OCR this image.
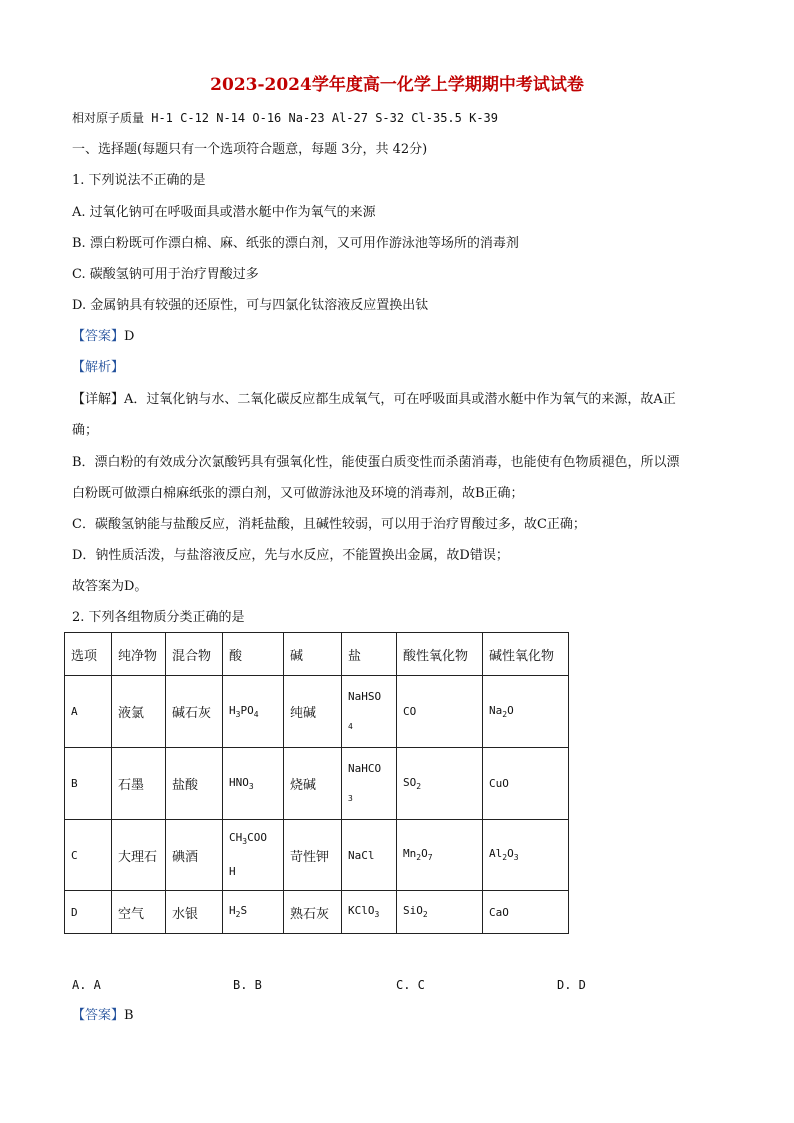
2023-2024学年度高一化学上学期期中考试试卷
相对原子质量 H-1 C-12 N-14 O-16 Na-23 Al-27 S-32 Cl-35.5 K-39
一、选择题(每题只有一个选项符合题意，每题 3分，共 42分)
1. 下列说法不正确的是
A. 过氧化钠可在呼吸面具或潜水艇中作为氧气的来源
B. 漂白粉既可作漂白棉、麻、纸张的漂白剂，又可用作游泳池等场所的消毒剂
C. 碳酸氢钠可用于治疗胃酸过多
D. 金属钠具有较强的还原性，可与四氯化钛溶液反应置换出钛
【答案】D
【解析】
【详解】A．过氧化钠与水、二氧化碳反应都生成氧气，可在呼吸面具或潜水艇中作为氧气的来源，故A正
确；
B．漂白粉的有效成分次氯酸钙具有强氧化性，能使蛋白质变性而杀菌消毒，也能使有色物质褪色，所以漂
白粉既可做漂白棉麻纸张的漂白剂，又可做游泳池及环境的消毒剂，故B正确；
C．碳酸氢钠能与盐酸反应，消耗盐酸，且碱性较弱，可以用于治疗胃酸过多，故C正确；
D．钠性质活泼，与盐溶液反应，先与水反应，不能置换出金属，故D错误；
故答案为D。
2. 下列各组物质分类正确的是
选项	纯净物	混合物	酸	碱	盐	酸性氧化物	碱性氧化物
A	液氯	碱石灰	$H_3PO_4$	纯碱	NaHSO
4	CO	$Na_2O$
B	石墨	盐酸	$HNO_3$	烧碱	NaHCO
3	$SO_2$	CuO
C	大理石	碘酒	$CH_3COO$
H	苛性钾	NaCl	$Mn_2O_7$	$Al_2O_3$
D	空气	水银	$H_2S$	熟石灰	KClO$_3$	SiO$_2$	CaO
A. A	B. B	C. C	D. D
【答案】B
